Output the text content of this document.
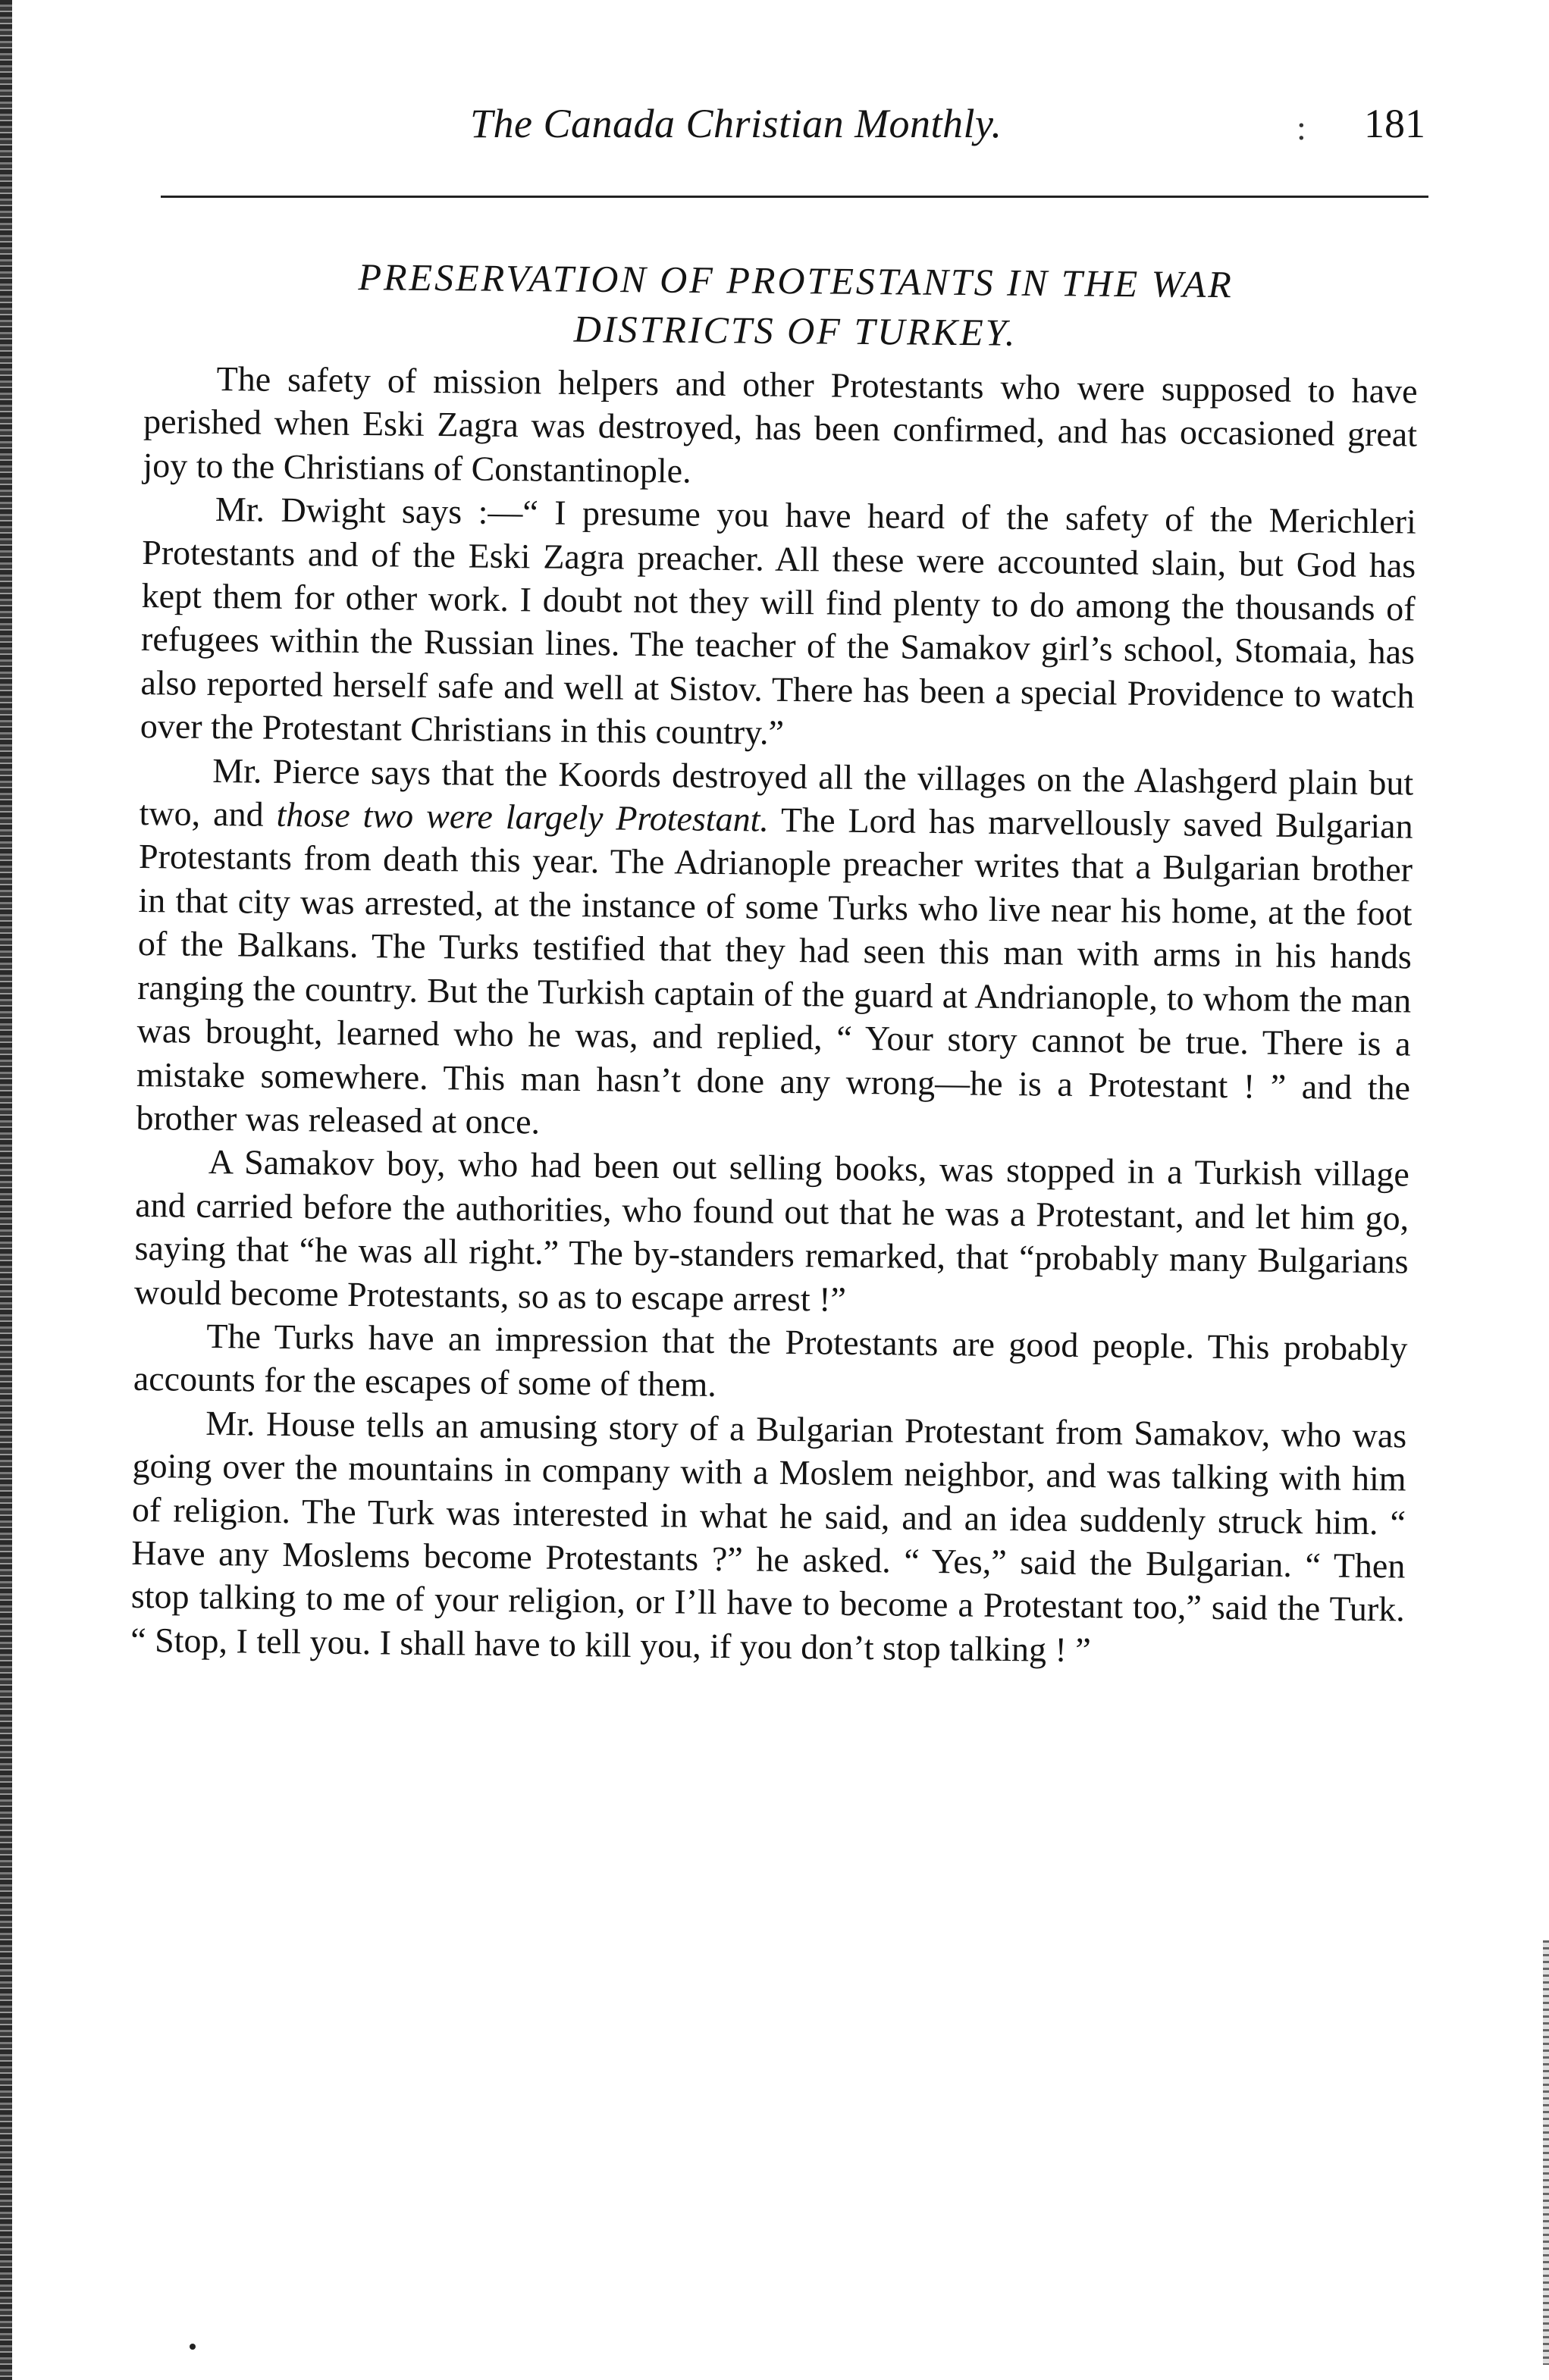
The Canada Christian Monthly.	: 181
PRESERVATION OF PROTESTANTS IN THE WAR
DISTRICTS OF TURKEY.

The safety of mission helpers and other Protestants who were supposed to have perished when Eski Zagra was destroyed, has been confirmed, and has occasioned great joy to the Christians of Constantinople.

Mr. Dwight says :—“ I presume you have heard of the safety of the Merichleri Protestants and of the Eski Zagra preacher. All these were accounted slain, but God has kept them for other work. I doubt not they will find plenty to do among the thousands of refugees within the Russian lines. The teacher of the Samakov girl’s school, Stomaia, has also reported herself safe and well at Sistov. There has been a special Providence to watch over the Protestant Christians in this country.”

Mr. Pierce says that the Koords destroyed all the villages on the Alashgerd plain but two, and those two were largely Protestant. The Lord has marvellously saved Bulgarian Protestants from death this year. The Adrianople preacher writes that a Bulgarian brother in that city was arrested, at the instance of some Turks who live near his home, at the foot of the Balkans. The Turks testified that they had seen this man with arms in his hands ranging the country. But the Turkish captain of the guard at Andrianople, to whom the man was brought, learned who he was, and replied, “ Your story cannot be true. There is a mistake somewhere. This man hasn’t done any wrong—he is a Protestant ! ” and the brother was released at once.

A Samakov boy, who had been out selling books, was stopped in a Turkish village and carried before the authorities, who found out that he was a Protestant, and let him go, saying that “he was all right.” The by-standers remarked, that “probably many Bulgarians would become Protestants, so as to escape arrest !”

The Turks have an impression that the Protestants are good people. This probably accounts for the escapes of some of them.

Mr. House tells an amusing story of a Bulgarian Protestant from Samakov, who was going over the mountains in company with a Moslem neighbor, and was talking with him of religion. The Turk was interested in what he said, and an idea suddenly struck him. “ Have any Moslems become Protestants ?” he asked. “ Yes,” said the Bulgarian. “ Then stop talking to me of your religion, or I’ll have to become a Protestant too,” said the Turk. “ Stop, I tell you. I shall have to kill you, if you don’t stop talking ! ”
